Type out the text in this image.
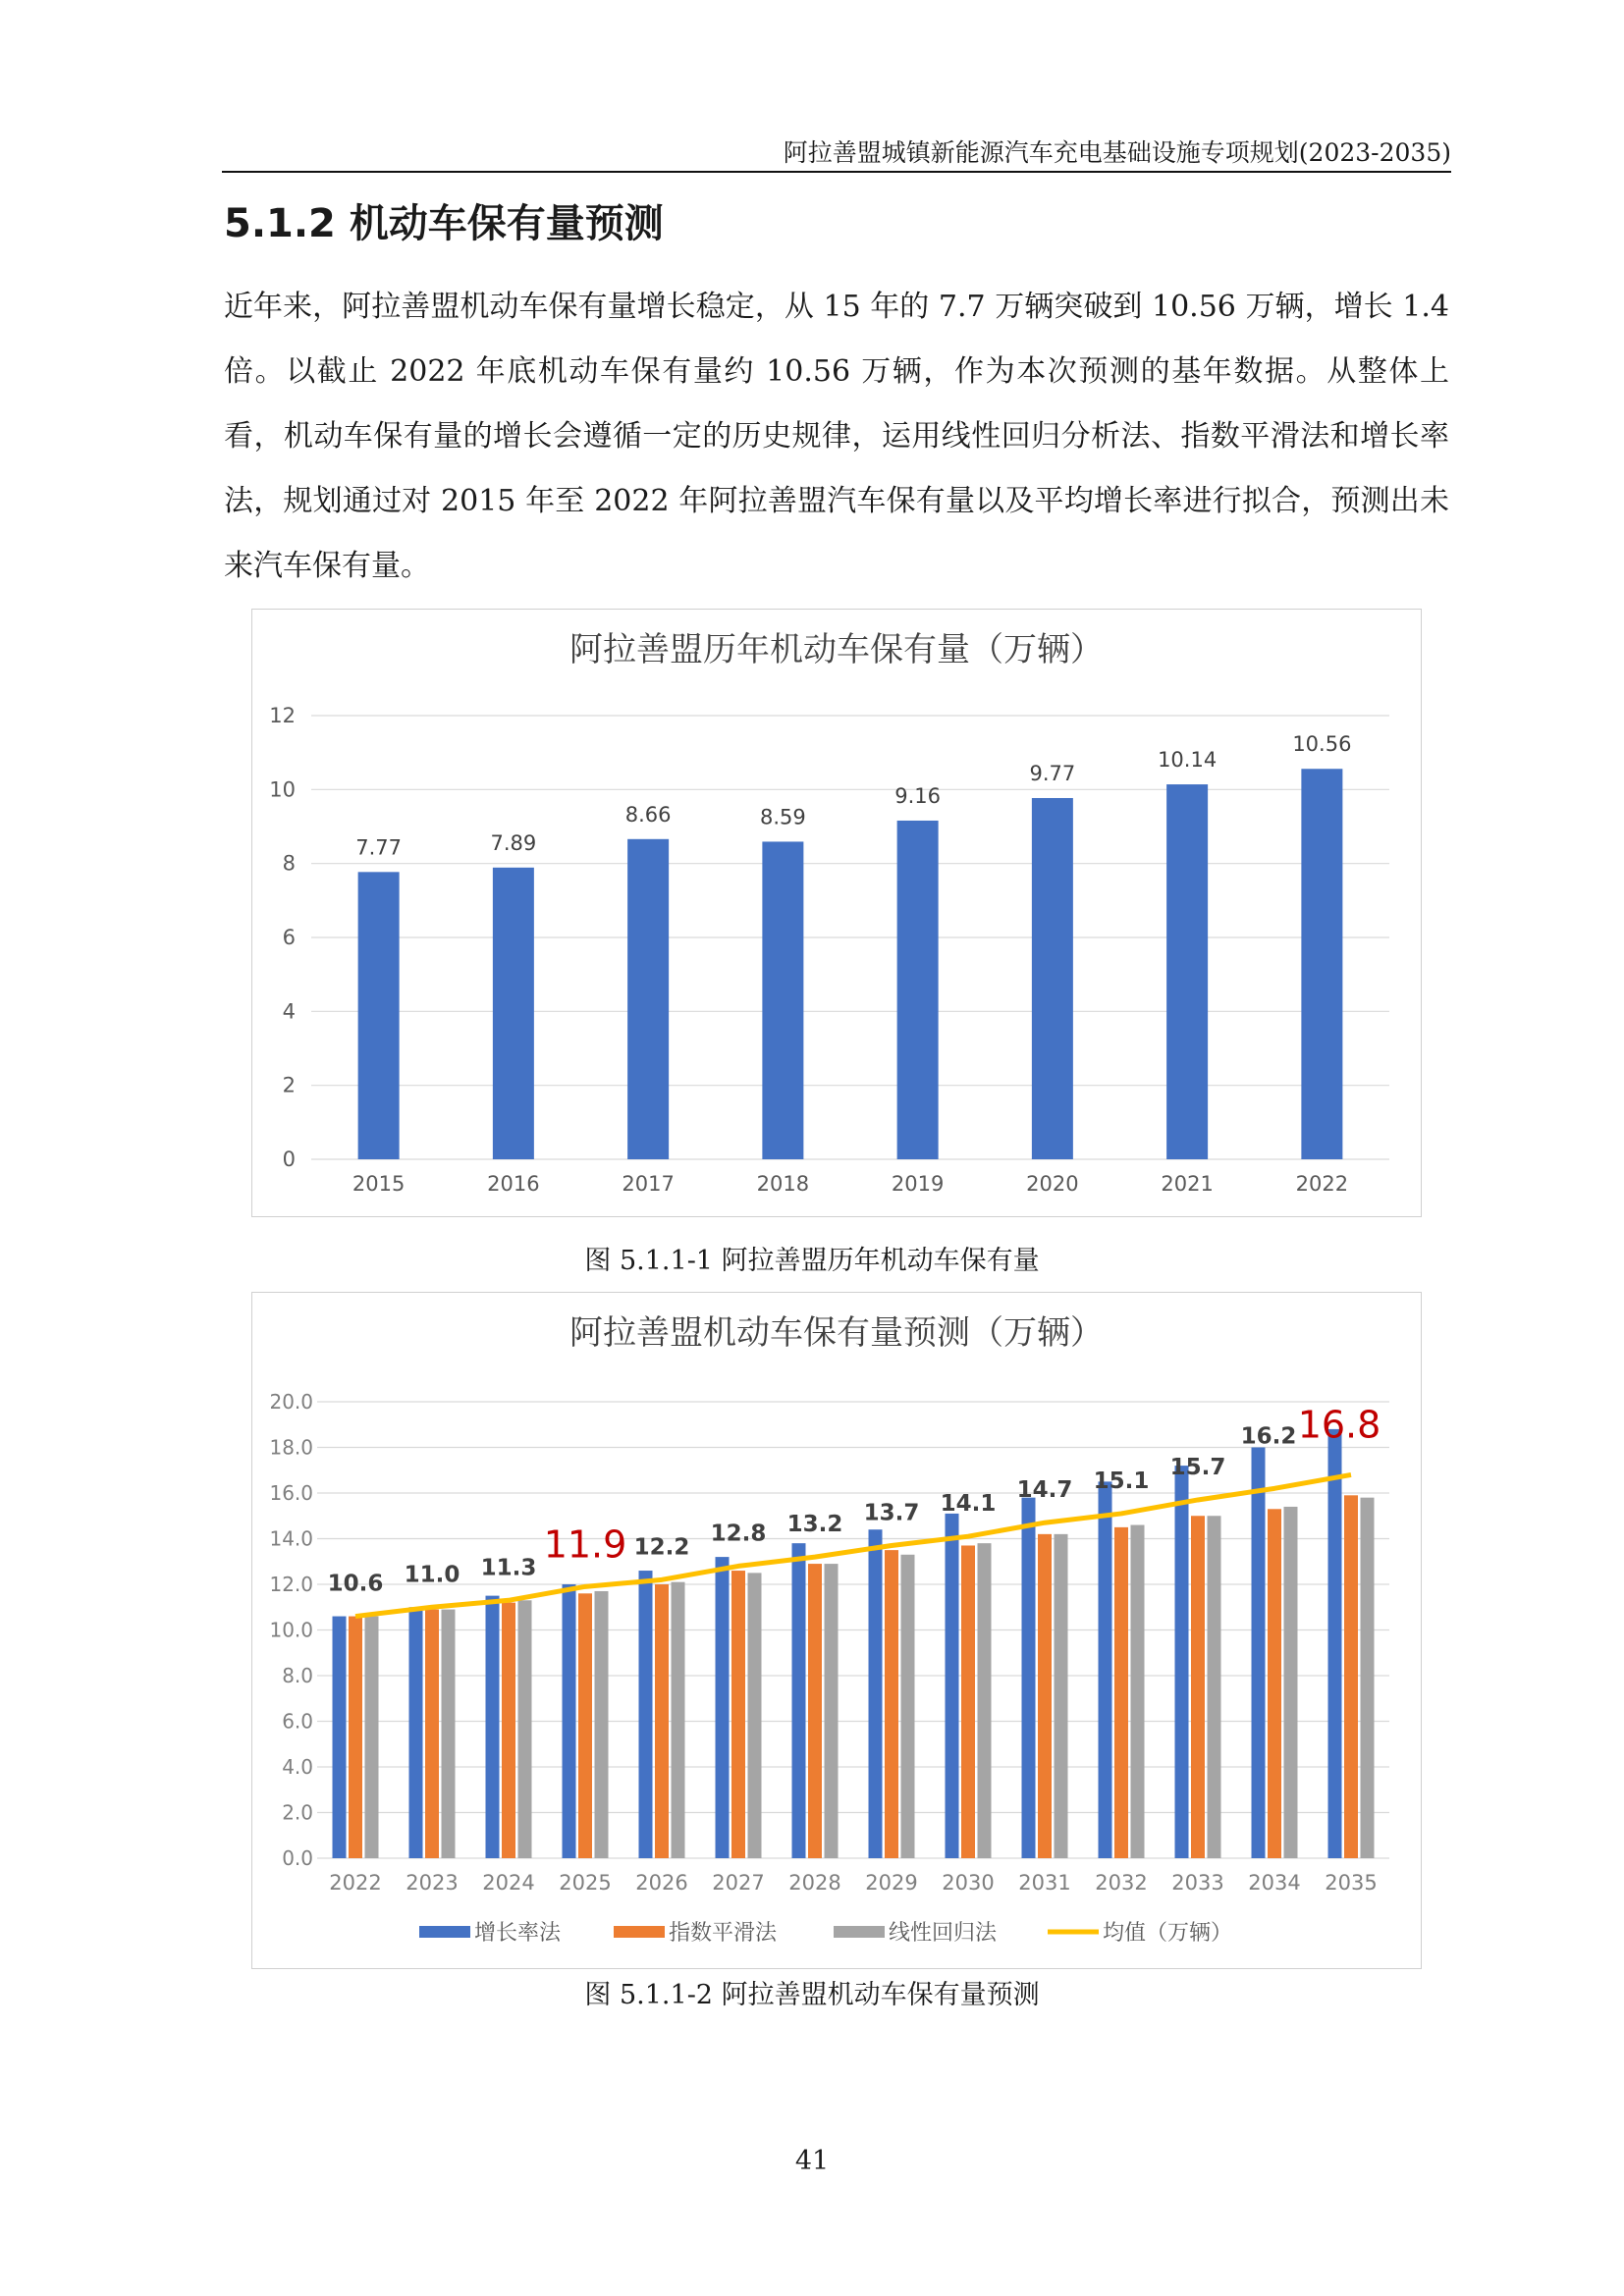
阿拉善盟城镇新能源汽车充电基础设施专项规划(2023-2035)
5.1.2 机动车保有量预测

近年来，阿拉善盟机动车保有量增长稳定，从 15 年的 7.7 万辆突破到 10.56 万辆，增长 1.4 倍。以截止 2022 年底机动车保有量约 10.56 万辆，作为本次预测的基年数据。从整体上看，机动车保有量的增长会遵循一定的历史规律，运用线性回归分析法、指数平滑法和增长率法，规划通过对 2015 年至 2022 年阿拉善盟汽车保有量以及平均增长率进行拟合，预测出未来汽车保有量。

阿拉善盟历年机动车保有量（万辆）
0
2
4
6
8
10
12
7.77
2015
7.89
2016
8.66
2017
8.59
2018
9.16
2019
9.77
2020
10.14
2021
10.56
2022
图 5.1.1-1 阿拉善盟历年机动车保有量
阿拉善盟机动车保有量预测（万辆）
0.0
2.0
4.0
6.0
8.0
10.0
12.0
14.0
16.0
18.0
20.0
2022 2023 2024 2025 2026 2027 2028 2029 2030 2031 2032 2033 2034 2035
10.6 11.0 11.3
11.9 12.2
12.8 13.2 13.7 14.1
14.7 15.1
15.7
16.2 16.8
增长率法	指数平滑法	线性回归法	均值（万辆）
图 5.1.1-2 阿拉善盟机动车保有量预测
41
